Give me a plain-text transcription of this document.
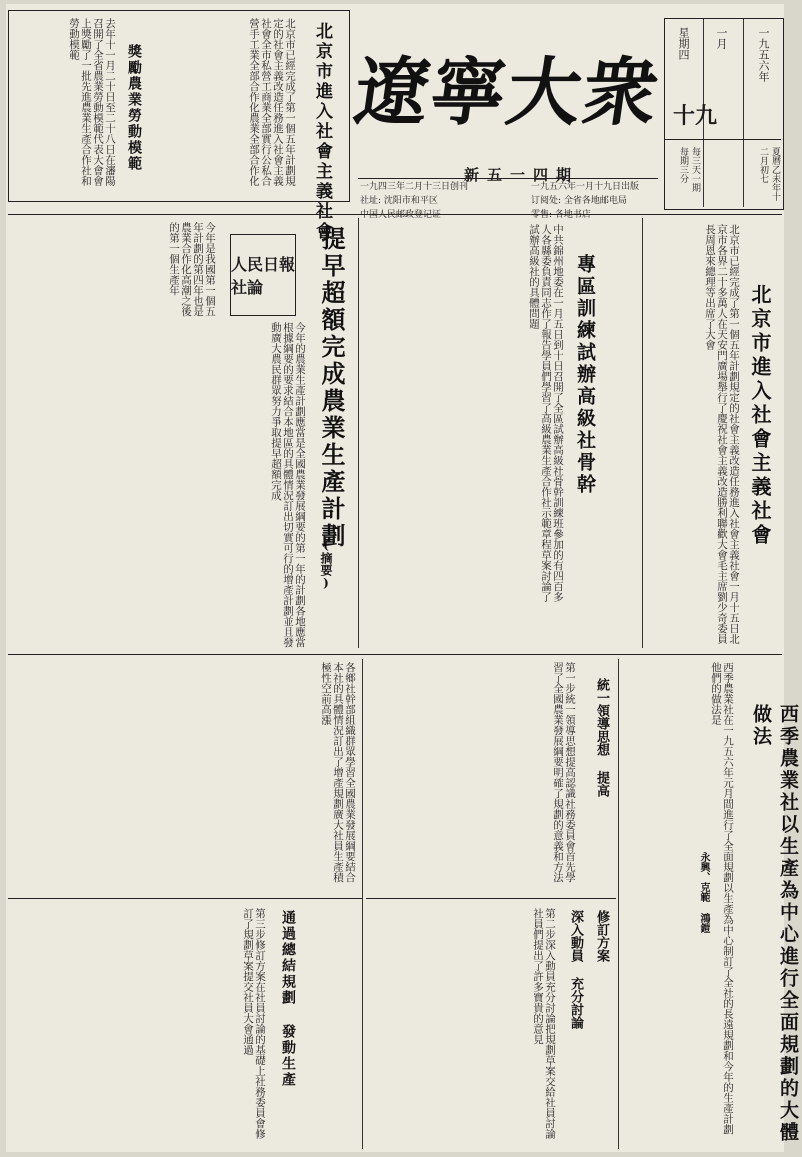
遼寧大衆
新五一四期
一九四三年二月十三日创刊
社址: 沈阳市和平区
中国人民邮政登记证
一九五六年一月十九日出版
订阅处: 全省各地邮电局
零售: 各地书店
一九五六年
一月
十九
星期四
夏曆乙未年十二月初七
每三天一期 每期三分
北京市進入社會主義社會
北京市已經完成了第一個五年計劃規定的社會主義改造任務進入社會主義社會全市私營工商業全部實行公私合營手工業全部合作化農業全部合作化
獎勵農業勞動模範
去年十一月二十日至二十八日在瀋陽召開了全省農業勞動模範代表大會會上獎勵了一批先進農業生產合作社和勞動模範
北京市進入社會主義社會
北京市已經完成了第一個五年計劃規定的社會主義改造任務進入社會主義社會一月十五日北京市各界二十多萬人在天安門廣場舉行了慶祝社會主義改造勝利聯歡大會毛主席劉少奇委員長周恩來總理等出席了大會
專區訓練試辦高級社骨幹
中共錦州地委在一月五日到十日召開了全區試辦高級社骨幹訓練班參加的有四百多人各縣委負責同志作了報告學員們學習了高級農業生產合作社示範章程草案討論了試辦高級社的具體問題
人民日報社論	提早超額完成農業生產計劃
(摘要)
今年的農業生產計劃應當是全國農業發展綱要的第一年的計劃各地應當根據綱要的要求結合本地區的具體情況訂出切實可行的增產計劃並且發動廣大農民群眾努力爭取提早超額完成
今年是我國第一個五年計劃的第四年也是農業合作化高潮之後的第一個生產年
西季農業社以生產為中心進行全面規劃的大體做法
永興、克範 鴻鎧	西季農業社在一九五六年元月間進行了全面規劃以生產為中心制訂了全社的長遠規劃和今年的生產計劃他們的做法是
統一領導思想 提高
第一步統一領導思想提高認識社務委員會首先學習了全國農業發展綱要明確了規劃的意義和方法
修訂方案
深入動員 充分討論
第二步深入動員充分討論把規劃草案交給社員討論社員們提出了許多寶貴的意見
各鄉社幹部組織群眾學習全國農業發展綱要結合本社的具體情況訂出了增產規劃廣大社員生產積極性空前高漲
通過總結規劃 發動生產
第三步修訂方案在社員討論的基礎上社務委員會修訂了規劃草案提交社員大會通過
